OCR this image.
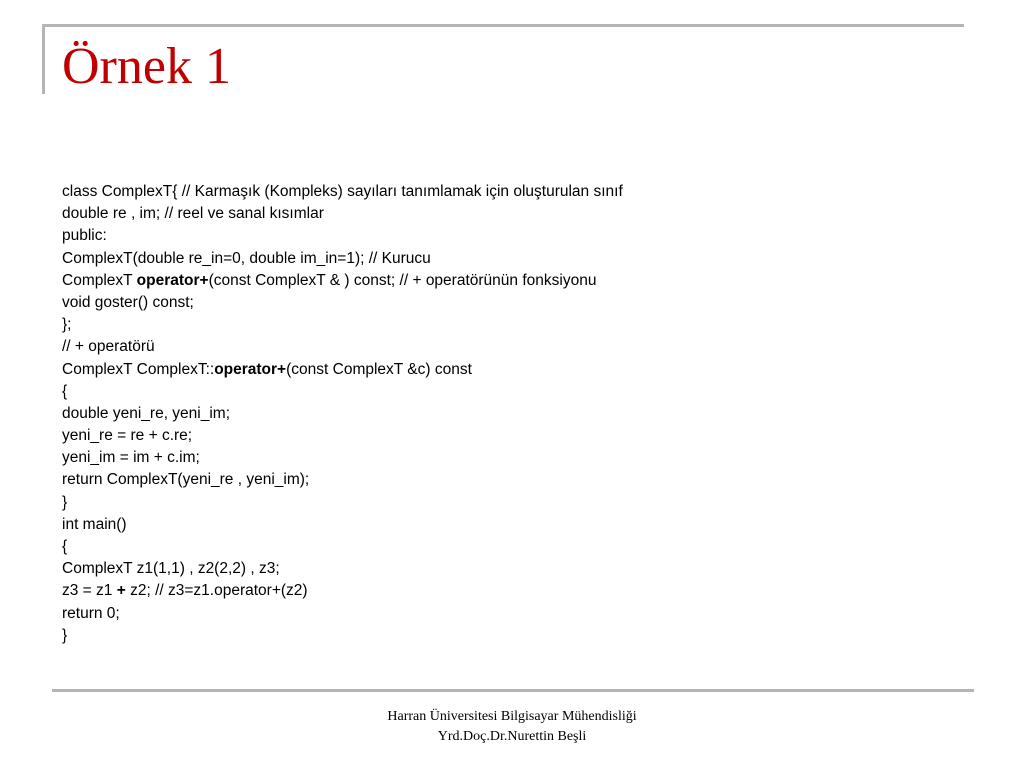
Örnek 1
class ComplexT{ // Karmaşık (Kompleks) sayıları tanımlamak için oluşturulan sınıf
double re , im; // reel ve sanal kısımlar
public:
ComplexT(double re_in=0, double im_in=1); // Kurucu
ComplexT operator+(const ComplexT & ) const; // + operatörünün fonksiyonu
void goster() const;
};
// + operatörü
ComplexT ComplexT::operator+(const ComplexT &c) const
{
double yeni_re, yeni_im;
yeni_re = re + c.re;
yeni_im = im + c.im;
return ComplexT(yeni_re , yeni_im);
}
int main()
{
ComplexT z1(1,1) , z2(2,2) , z3;
z3 = z1 + z2; // z3=z1.operator+(z2)
return 0;
}
Harran Üniversitesi Bilgisayar Mühendisliği
Yrd.Doç.Dr.Nurettin Beşli
